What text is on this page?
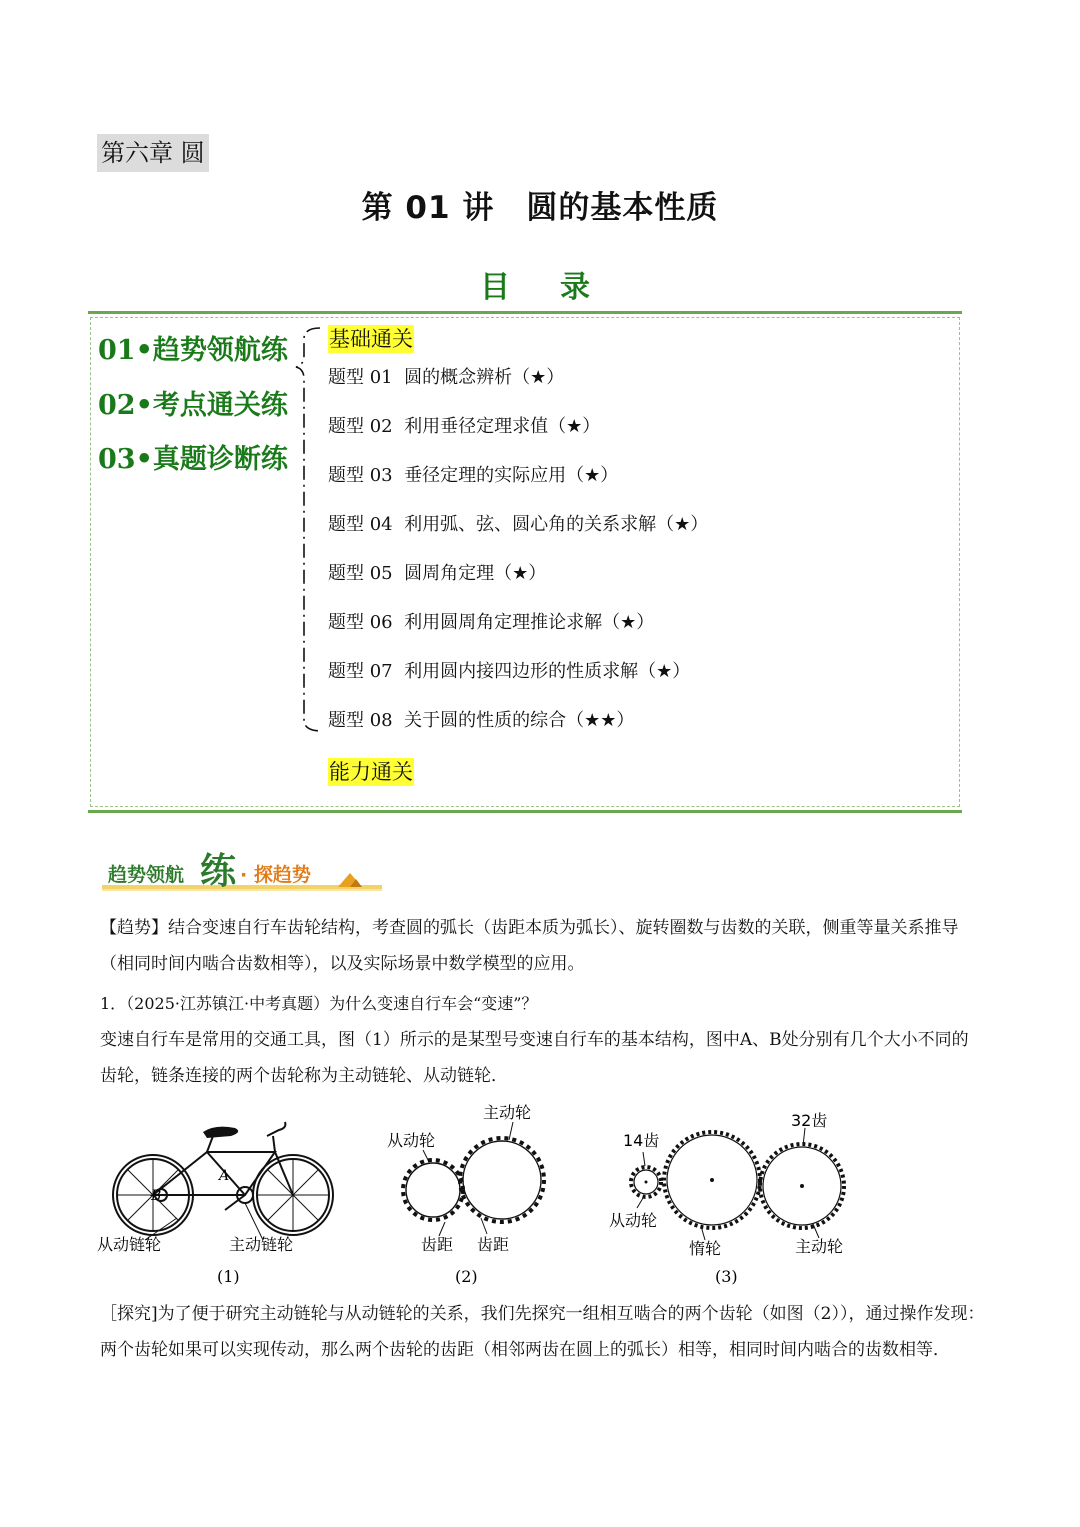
第六章 圆
第 01 讲　圆的基本性质
目　录
01•趋势领航练
02•考点通关练
03•真题诊断练
基础通关
题型 01 圆的概念辨析（★）
题型 02 利用垂径定理求值（★）
题型 03 垂径定理的实际应用（★）
题型 04 利用弧、弦、圆心角的关系求解（★）
题型 05 圆周角定理（★）
题型 06 利用圆周角定理推论求解（★）
题型 07 利用圆内接四边形的性质求解（★）
题型 08 关于圆的性质的综合（★★）
能力通关
趋势领航 练 · 探趋势
【趋势】结合变速自行车齿轮结构，考查圆的弧长（齿距本质为弧长）、旋转圈数与齿数的关联，侧重等量关系推导（相同时间内啮合齿数相等），以及实际场景中数学模型的应用。
1．（2025·江苏镇江·中考真题）为什么变速自行车会“变速”？
变速自行车是常用的交通工具，图（1）所示的是某型号变速自行车的基本结构，图中A、B处分别有几个大小不同的齿轮，链条连接的两个齿轮称为主动链轮、从动链轮．
B
A
从动链轮	主动链轮
(1)
从动轮
主动轮
齿距 齿距
(2)
14齿
32齿
从动轮
惰轮	主动轮
(3)
［探究]为了便于研究主动链轮与从动链轮的关系，我们先探究一组相互啮合的两个齿轮（如图（2）），通过操作发现：两个齿轮如果可以实现传动，那么两个齿轮的齿距（相邻两齿在圆上的弧长）相等，相同时间内啮合的齿数相等．
